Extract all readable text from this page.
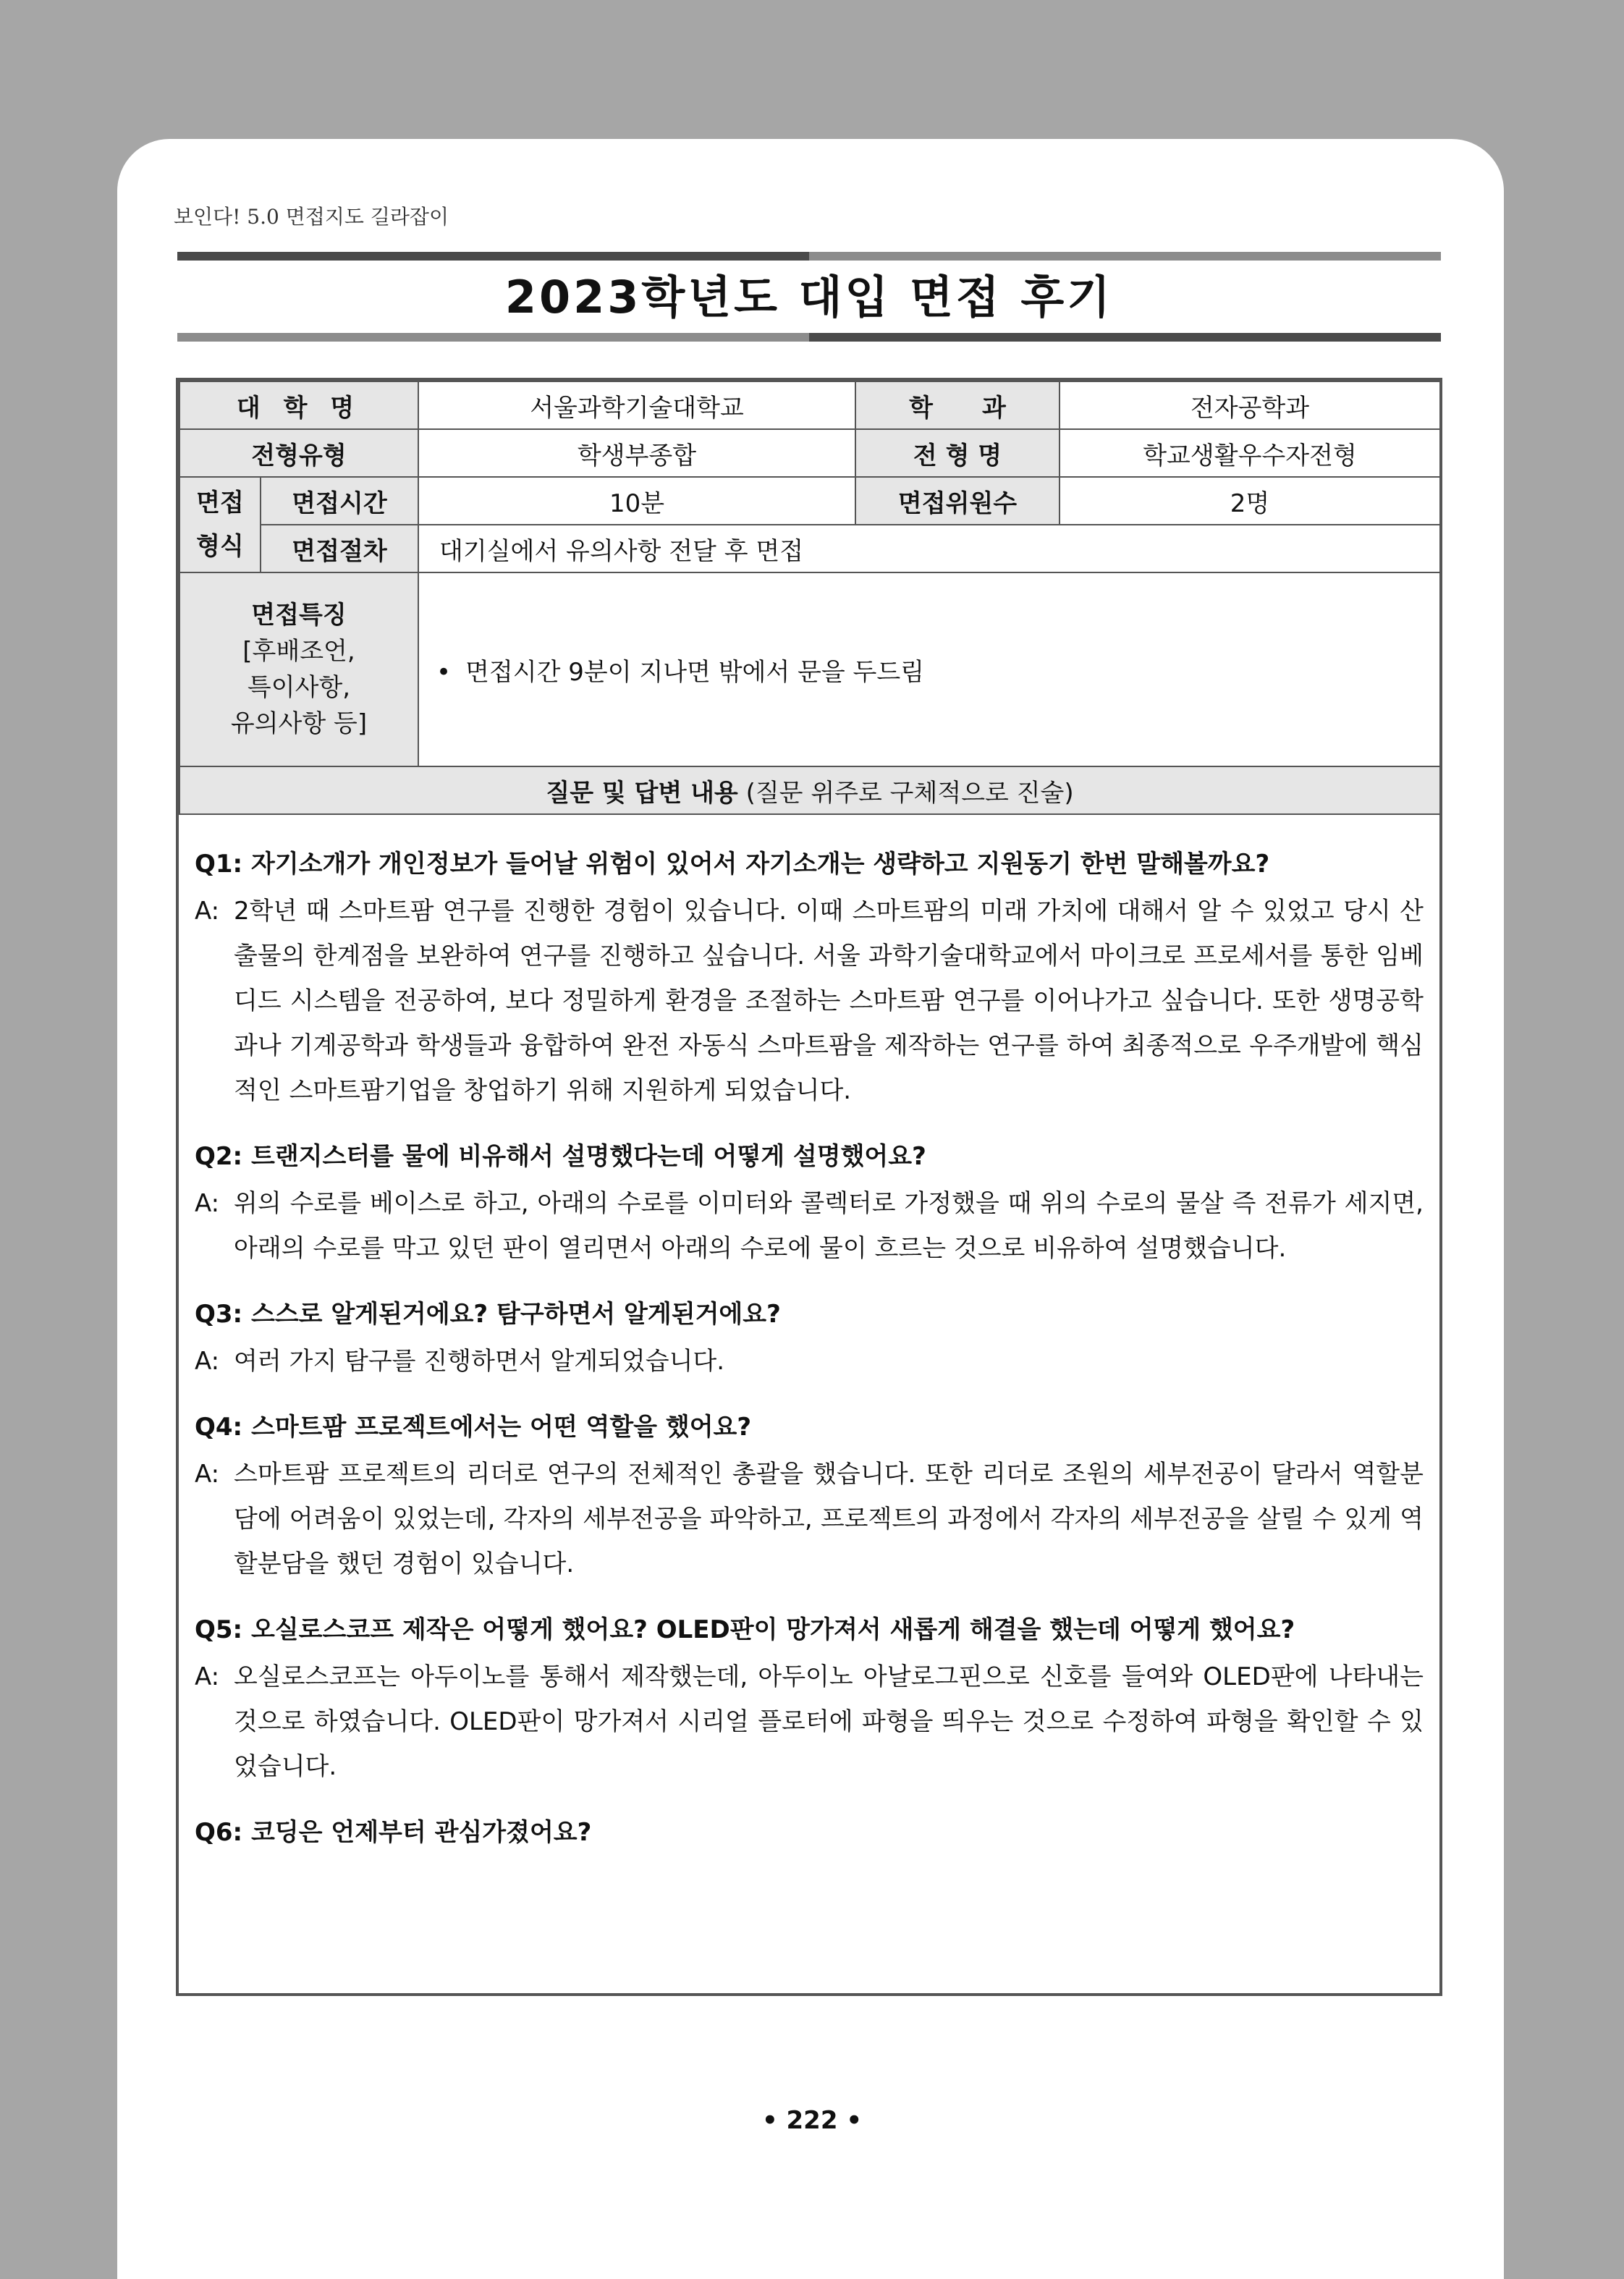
보인다! 5.0 면접지도 길라잡이
2023학년도 대입 면접 후기
대 학 명		서울과학기술대학교	학　　과	전자공학과
전형유형		학생부종합	전 형 명	학교생활우수자전형
면접
형식	면접시간	10분	면접위원수	2명
	면접절차	대기실에서 유의사항 전달 후 면접		
면접특징
[후배조언,
특이사항,
유의사항 등]		• 면접시간 9분이 지나면 밖에서 문을 두드림
질문 및 답변 내용 (질문 위주로 구체적으로 진술)				
Q1: 자기소개가 개인정보가 들어날 위험이 있어서 자기소개는 생략하고 지원동기 한번 말해볼까요?
A: 2학년 때 스마트팜 연구를 진행한 경험이 있습니다. 이때 스마트팜의 미래 가치에 대해서 알 수 있었고 당시 산출물의 한계점을 보완하여 연구를 진행하고 싶습니다. 서울 과학기술대학교에서 마이크로 프로세서를 통한 임베디드 시스템을 전공하여, 보다 정밀하게 환경을 조절하는 스마트팜 연구를 이어나가고 싶습니다. 또한 생명공학과나 기계공학과 학생들과 융합하여 완전 자동식 스마트팜을 제작하는 연구를 하여 최종적으로 우주개발에 핵심적인 스마트팜기업을 창업하기 위해 지원하게 되었습니다.
Q2: 트랜지스터를 물에 비유해서 설명했다는데 어떻게 설명했어요?
A: 위의 수로를 베이스로 하고, 아래의 수로를 이미터와 콜렉터로 가정했을 때 위의 수로의 물살 즉 전류가 세지면, 아래의 수로를 막고 있던 판이 열리면서 아래의 수로에 물이 흐르는 것으로 비유하여 설명했습니다.
Q3: 스스로 알게된거에요? 탐구하면서 알게된거에요?
A: 여러 가지 탐구를 진행하면서 알게되었습니다.
Q4: 스마트팜 프로젝트에서는 어떤 역할을 했어요?
A: 스마트팜 프로젝트의 리더로 연구의 전체적인 총괄을 했습니다. 또한 리더로 조원의 세부전공이 달라서 역할분담에 어려움이 있었는데, 각자의 세부전공을 파악하고, 프로젝트의 과정에서 각자의 세부전공을 살릴 수 있게 역할분담을 했던 경험이 있습니다.
Q5: 오실로스코프 제작은 어떻게 했어요? OLED판이 망가져서 새롭게 해결을 했는데 어떻게 했어요?
A: 오실로스코프는 아두이노를 통해서 제작했는데, 아두이노 아날로그핀으로 신호를 들여와 OLED판에 나타내는 것으로 하였습니다. OLED판이 망가져서 시리얼 플로터에 파형을 띄우는 것으로 수정하여 파형을 확인할 수 있었습니다.
Q6: 코딩은 언제부터 관심가졌어요?
• 222 •
